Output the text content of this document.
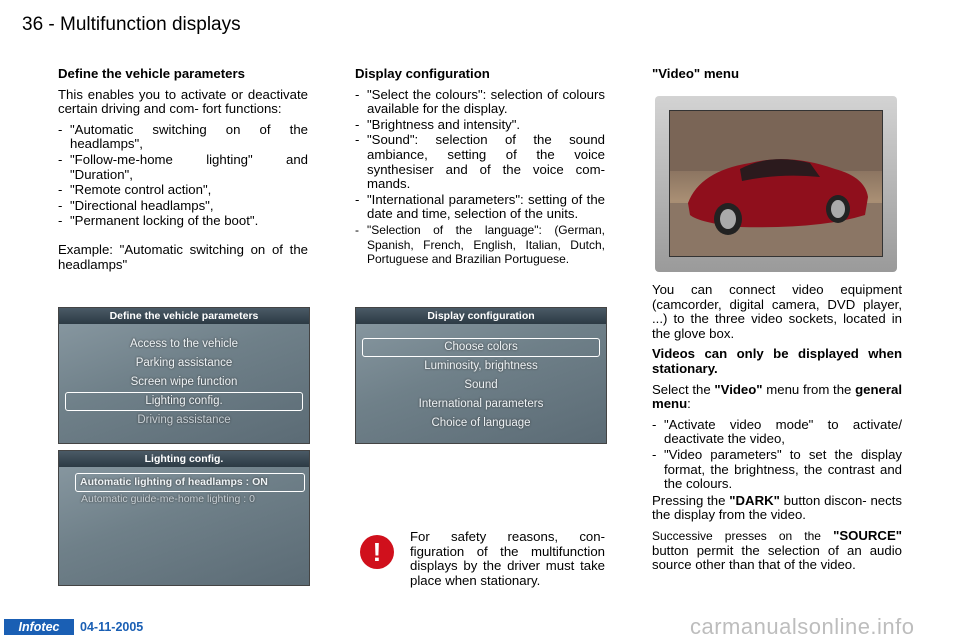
36 - Multifunction displays
Define the vehicle parameters

This enables you to activate or deactivate certain driving and com- fort functions:

- "Automatic switching on of the headlamps",
- "Follow-me-home lighting" and "Duration",
- "Remote control action",
- "Directional headlamps",
- "Permanent locking of the boot".

Example: "Automatic switching on of the headlamps"

Display configuration
- "Select the colours": selection of colours available for the display.
- "Brightness and intensity".
- "Sound": selection of the sound ambiance, setting of the voice synthesiser and of the voice com- mands.
- "International parameters": setting of the date and time, selection of the units.
- "Selection of the language": (German, Spanish, French, English, Italian, Dutch, Portuguese and Brazilian Portuguese.
"Video" menu

You can connect video equipment (camcorder, digital camera, DVD player, ...) to the three video sockets, located in the glove box.

Videos can only be displayed when stationary.

Select the "Video" menu from the general menu:

- "Activate video mode" to activate/ deactivate the video,
- "Video parameters" to set the display format, the brightness, the contrast and the colours.

Pressing the "DARK" button discon- nects the display from the video.

Successive presses on the "SOURCE" button permit the selection of an audio source other than that of the video.

Define the vehicle parameters
Access to the vehicle
Parking assistance
Screen wipe function
Lighting config.
Driving assistance
Lighting config.
Automatic lighting of headlamps : ON
Automatic guide-me-home lighting : 0
Display configuration
Choose colors
Luminosity, brightness
Sound
International parameters
Choice of language
!

For safety reasons, con- figuration of the multifunction displays by the driver must take place when stationary.

Infotec	04-11-2005	carmanualsonline.info
